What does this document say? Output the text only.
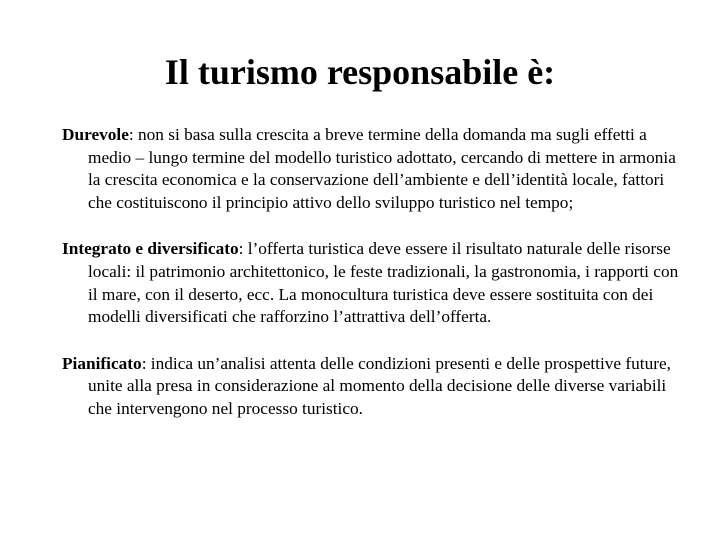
Il turismo responsabile è:

Durevole: non si basa sulla crescita a breve termine della domanda ma sugli effetti a medio – lungo termine del modello turistico adottato, cercando di mettere in armonia la crescita economica e la conservazione dell’ambiente e dell’identità locale, fattori che costituiscono il principio attivo dello sviluppo turistico nel tempo;

Integrato e diversificato: l’offerta turistica deve essere il risultato naturale delle risorse locali: il patrimonio architettonico, le feste tradizionali, la gastronomia, i rapporti con il mare, con il deserto, ecc. La monocultura turistica deve essere sostituita con dei modelli diversificati che rafforzino l’attrattiva dell’offerta.

Pianificato: indica un’analisi attenta delle condizioni presenti e delle prospettive future, unite alla presa in considerazione al momento della decisione delle diverse variabili che intervengono nel processo turistico.
